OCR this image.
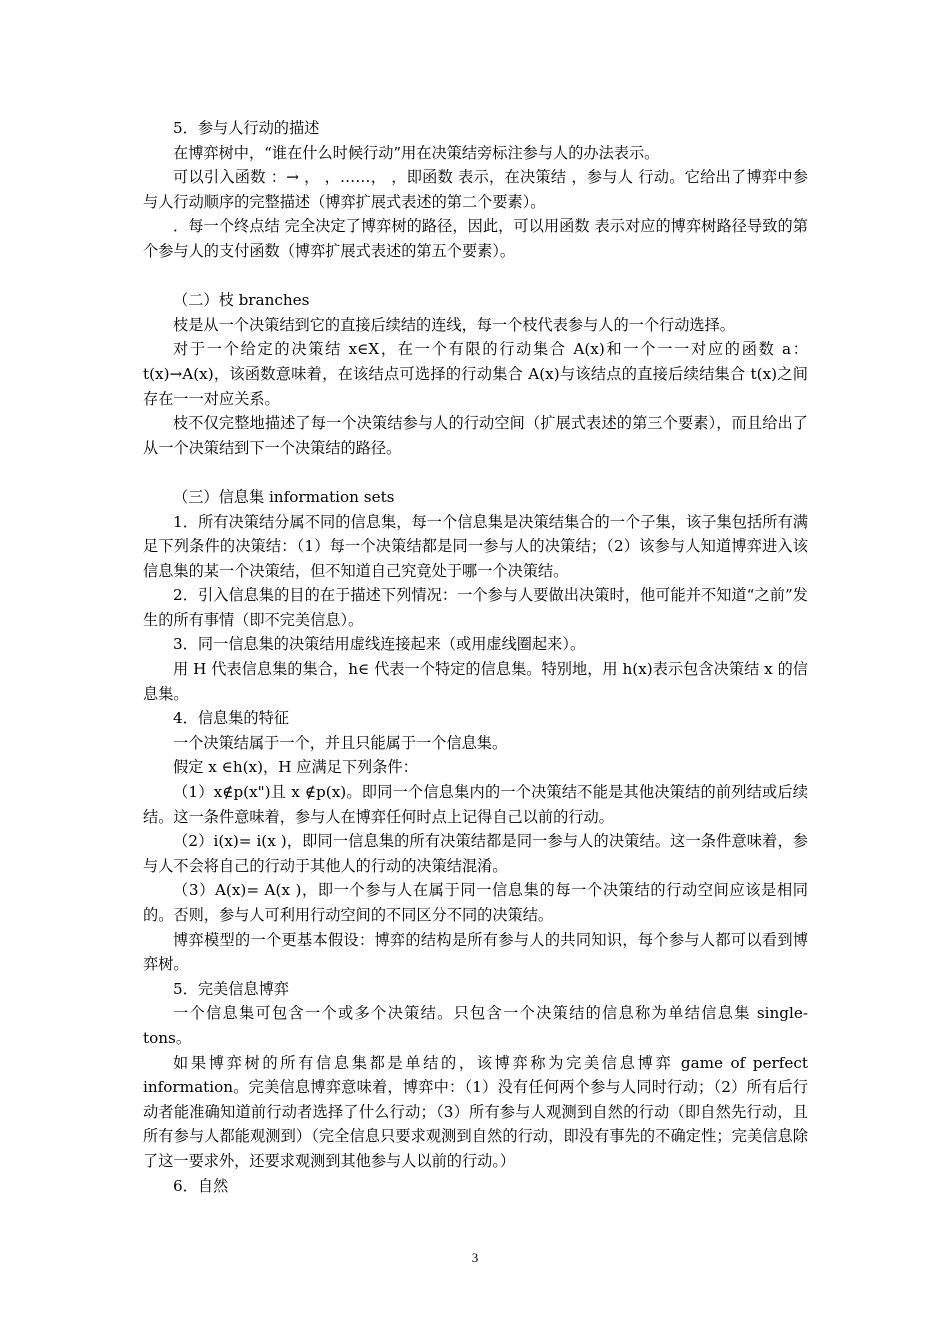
5．参与人行动的描述

在博弈树中，“谁在什么时候行动”用在决策结旁标注参与人的办法表示。

可以引入函数 ：→ ， ，……， ，即函数 表示，在决策结 ，参与人 行动。它给出了博弈中参与人行动顺序的完整描述（博弈扩展式表述的第二个要素）。

．每一个终点结 完全决定了博弈树的路径，因此，可以用函数 表示对应的博弈树路径导致的第 个参与人的支付函数（博弈扩展式表述的第五个要素）。

（二）枝 branches

枝是从一个决策结到它的直接后续结的连线，每一个枝代表参与人的一个行动选择。

对于一个给定的决策结 x∈X，在一个有限的行动集合 A(x)和一个一一对应的函数 a：t(x)→A(x)，该函数意味着，在该结点可选择的行动集合 A(x)与该结点的直接后续结集合 t(x)之间存在一一对应关系。

枝不仅完整地描述了每一个决策结参与人的行动空间（扩展式表述的第三个要素），而且给出了从一个决策结到下一个决策结的路径。

（三）信息集 information sets

1．所有决策结分属不同的信息集，每一个信息集是决策结集合的一个子集，该子集包括所有满足下列条件的决策结：（1）每一个决策结都是同一参与人的决策结；（2）该参与人知道博弈进入该信息集的某一个决策结，但不知道自己究竟处于哪一个决策结。

2．引入信息集的目的在于描述下列情况：一个参与人要做出决策时，他可能并不知道“之前”发生的所有事情（即不完美信息）。

3．同一信息集的决策结用虚线连接起来（或用虚线圈起来）。

用 H 代表信息集的集合，h∈ 代表一个特定的信息集。特别地，用 h(x)表示包含决策结 x 的信息集。

4．信息集的特征

一个决策结属于一个，并且只能属于一个信息集。

假定 x ∈h(x)，H 应满足下列条件：

（1）x∉p(x")且 x ∉p(x)。即同一个信息集内的一个决策结不能是其他决策结的前列结或后续结。这一条件意味着，参与人在博弈任何时点上记得自己以前的行动。

（2）i(x)= i(x )，即同一信息集的所有决策结都是同一参与人的决策结。这一条件意味着，参与人不会将自己的行动于其他人的行动的决策结混淆。

（3）A(x)= A(x )，即一个参与人在属于同一信息集的每一个决策结的行动空间应该是相同的。否则，参与人可利用行动空间的不同区分不同的决策结。

博弈模型的一个更基本假设：博弈的结构是所有参与人的共同知识，每个参与人都可以看到博弈树。

5．完美信息博弈

一个信息集可包含一个或多个决策结。只包含一个决策结的信息称为单结信息集 single-tons。

如果博弈树的所有信息集都是单结的，该博弈称为完美信息博弈 game of perfect information。完美信息博弈意味着，博弈中：（1）没有任何两个参与人同时行动；（2）所有后行动者能准确知道前行动者选择了什么行动；（3）所有参与人观测到自然的行动（即自然先行动，且所有参与人都能观测到）（完全信息只要求观测到自然的行动，即没有事先的不确定性；完美信息除了这一要求外，还要求观测到其他参与人以前的行动。）

6．自然

3
